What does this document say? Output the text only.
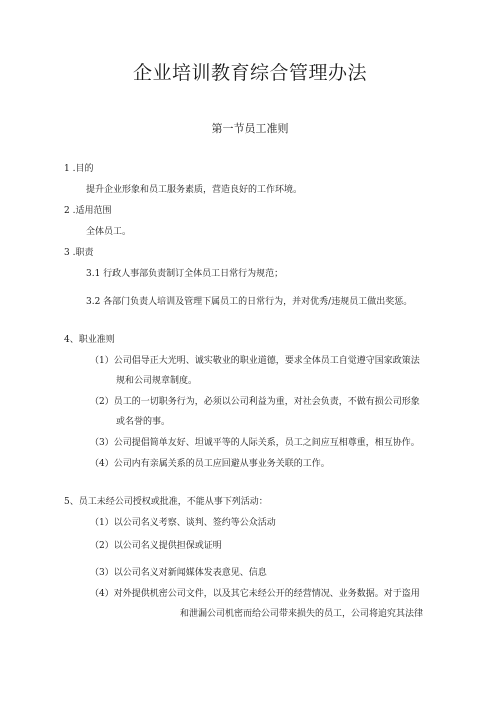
企业培训教育综合管理办法
第一节员工准则
1 .目的
提升企业形象和员工服务素质，营造良好的工作环境。
2 .适用范围
全体员工。
3 .职责
3.1 行政人事部负责制订全体员工日常行为规范；
3.2 各部门负责人培训及管理下属员工的日常行为，并对优秀/违规员工做出奖惩。
4、职业准则
（1）公司倡导正大光明、诚实敬业的职业道德，要求全体员工自觉遵守国家政策法
规和公司规章制度。
（2）员工的一切职务行为，必须以公司利益为重，对社会负责，不做有损公司形象
或名誉的事。
（3）公司提倡简单友好、坦诚平等的人际关系，员工之间应互相尊重，相互协作。
（4）公司内有亲属关系的员工应回避从事业务关联的工作。
5、员工未经公司授权或批准，不能从事下列活动：
（1）以公司名义考察、谈判、签约等公众活动
（2）以公司名义提供担保或证明
（3）以公司名义对新闻媒体发表意见、信息
（4）对外提供机密公司文件，以及其它未经公开的经营情况、业务数据。对于盗用
和泄漏公司机密而给公司带来损失的员工，公司将追究其法律
